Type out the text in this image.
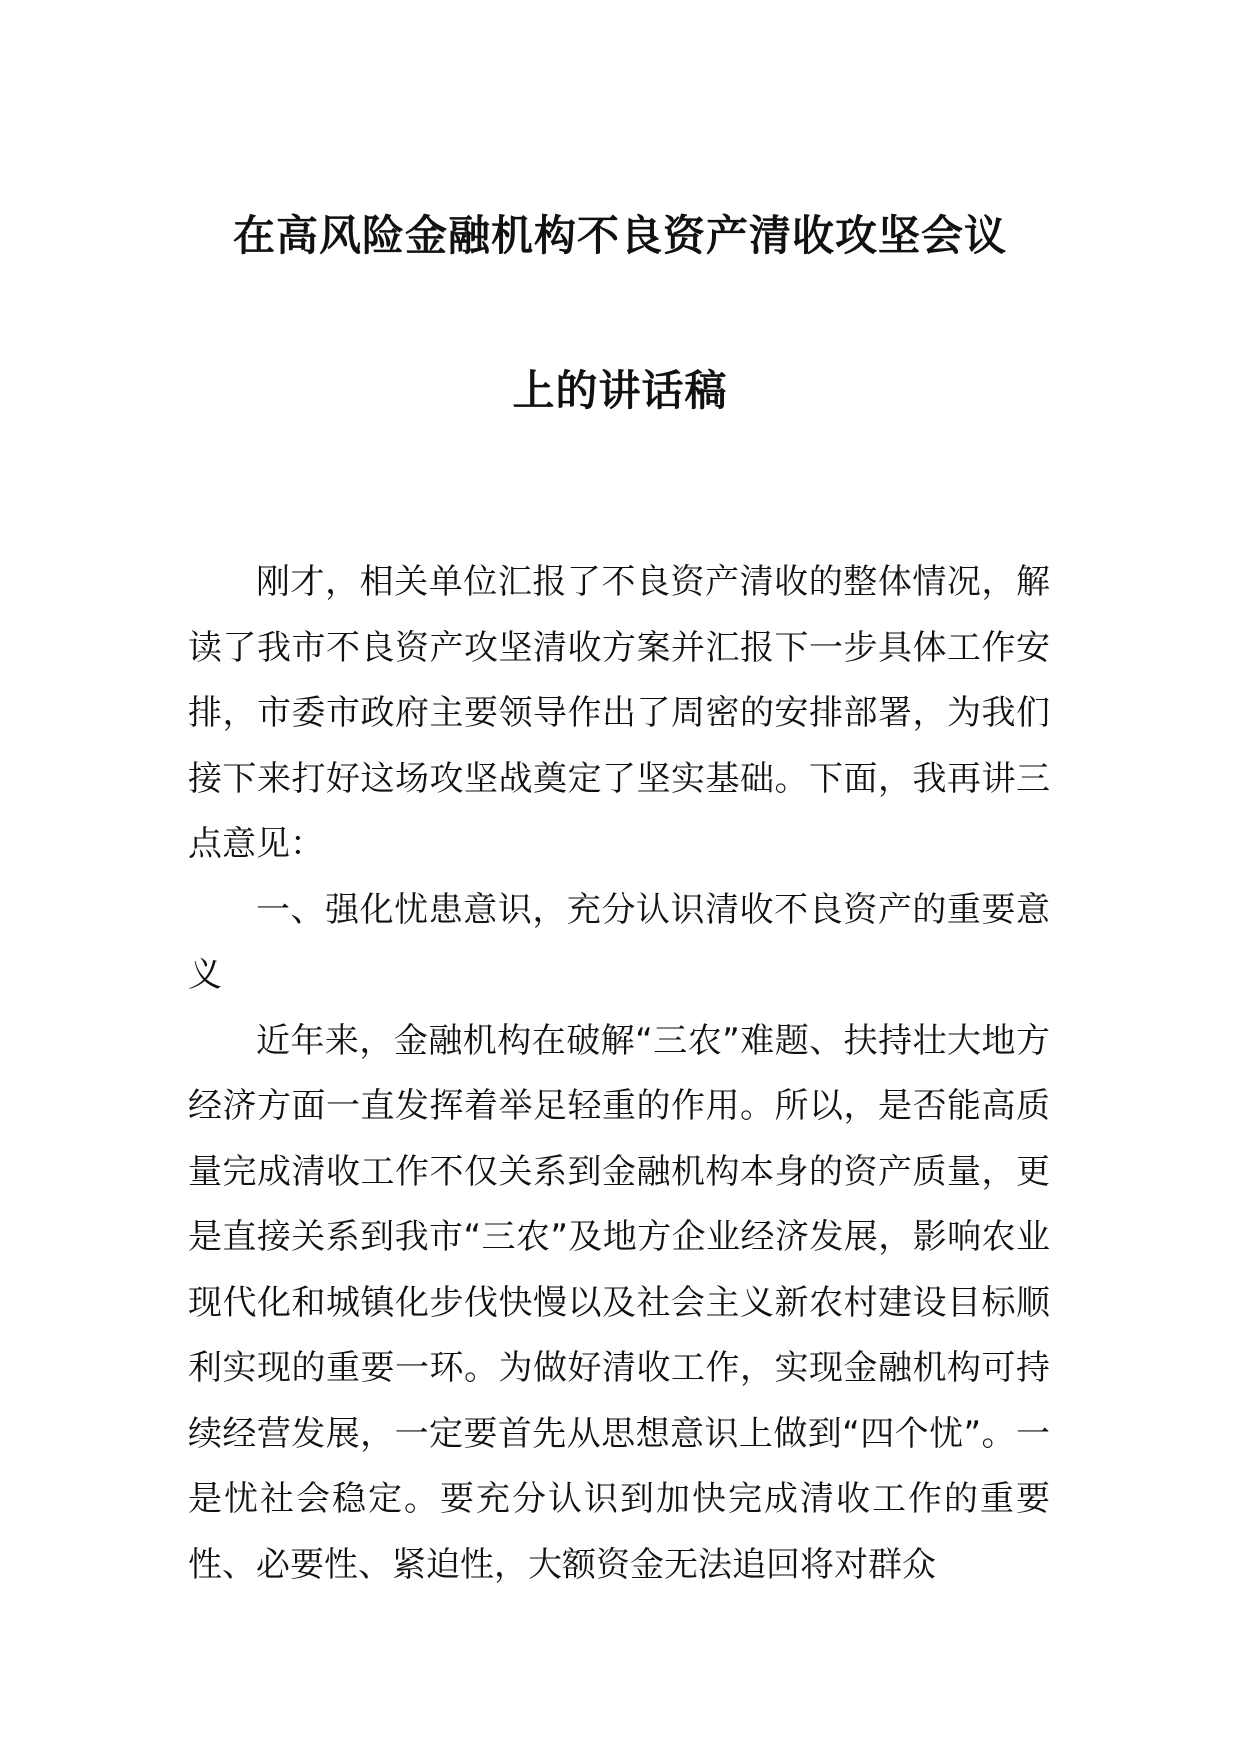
在高风险金融机构不良资产清收攻坚会议
上的讲话稿

刚才，相关单位汇报了不良资产清收的整体情况，解读了我市不良资产攻坚清收方案并汇报下一步具体工作安排，市委市政府主要领导作出了周密的安排部署，为我们接下来打好这场攻坚战奠定了坚实基础。下面，我再讲三点意见：

一、强化忧患意识，充分认识清收不良资产的重要意义

近年来，金融机构在破解“三农”难题、扶持壮大地方经济方面一直发挥着举足轻重的作用。所以，是否能高质量完成清收工作不仅关系到金融机构本身的资产质量，更是直接关系到我市“三农”及地方企业经济发展，影响农业现代化和城镇化步伐快慢以及社会主义新农村建设目标顺利实现的重要一环。为做好清收工作，实现金融机构可持续经营发展，一定要首先从思想意识上做到“四个忧”。一是忧社会稳定。要充分认识到加快完成清收工作的重要性、必要性、紧迫性，大额资金无法追回将对群众
